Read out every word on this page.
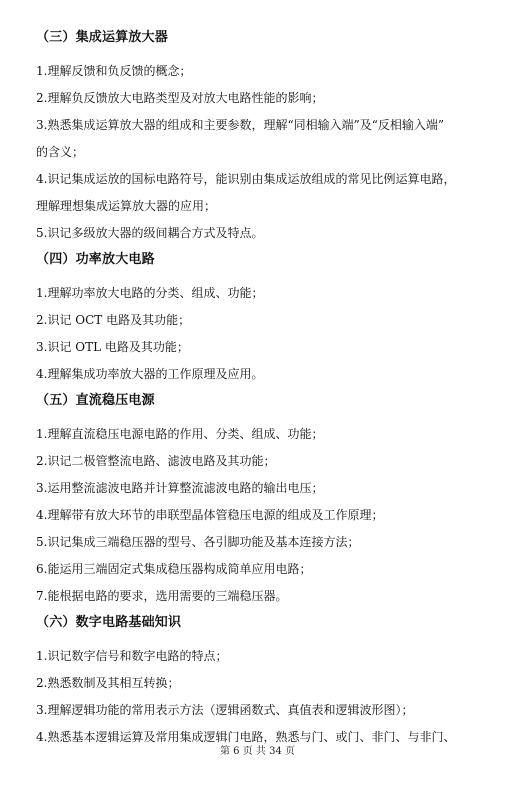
（三）集成运算放大器

1.理解反馈和负反馈的概念；

2.理解负反馈放大电路类型及对放大电路性能的影响；

3.熟悉集成运算放大器的组成和主要参数，理解“同相输入端”及“反相输入端”

的含义；

4.识记集成运放的国标电路符号，能识别由集成运放组成的常见比例运算电路，

理解理想集成运算放大器的应用；

5.识记多级放大器的级间耦合方式及特点。

（四）功率放大电路

1.理解功率放大电路的分类、组成、功能；

2.识记 OCT 电路及其功能；

3.识记 OTL 电路及其功能；

4.理解集成功率放大器的工作原理及应用。

（五）直流稳压电源

1.理解直流稳压电源电路的作用、分类、组成、功能；

2.识记二极管整流电路、滤波电路及其功能；

3.运用整流滤波电路并计算整流滤波电路的输出电压；

4.理解带有放大环节的串联型晶体管稳压电源的组成及工作原理；

5.识记集成三端稳压器的型号、各引脚功能及基本连接方法；

6.能运用三端固定式集成稳压器构成简单应用电路；

7.能根据电路的要求，选用需要的三端稳压器。

（六）数字电路基础知识

1.识记数字信号和数字电路的特点；

2.熟悉数制及其相互转换；

3.理解逻辑功能的常用表示方法（逻辑函数式、真值表和逻辑波形图）；

4.熟悉基本逻辑运算及常用集成逻辑门电路，熟悉与门、或门、非门、与非门、

第 6 页 共 34 页
